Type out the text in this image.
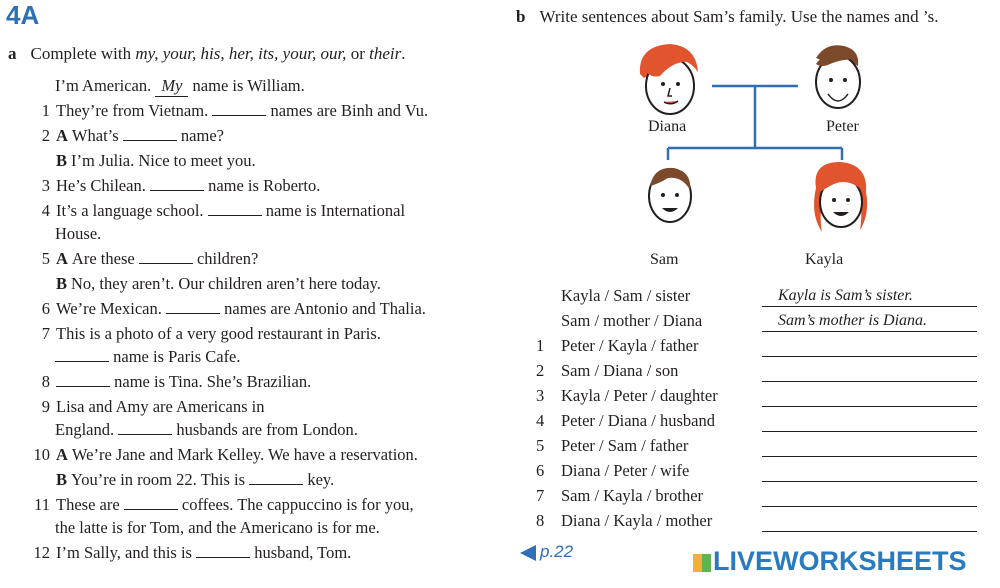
4A
a Complete with my, your, his, her, its, your, our, or their.
I’m American. My name is William.
1 They’re from Vietnam.	names are Binh and Vu.
2 A What’s	name?
B I’m Julia. Nice to meet you.
3 He’s Chilean.	name is Roberto.
4 It’s a language school.	name is International
House.
5 A Are these	children?
B No, they aren’t. Our children aren’t here today.
6 We’re Mexican.	names are Antonio and Thalia.
7 This is a photo of a very good restaurant in Paris.
name is Paris Cafe.
8	name is Tina. She’s Brazilian.
9 Lisa and Amy are Americans in
England.	husbands are from London.
10 A We’re Jane and Mark Kelley. We have a reservation.
B You’re in room 22. This is	key.
11 These are	coffees. The cappuccino is for you,
the latte is for Tom, and the Americano is for me.
12 I’m Sally, and this is	husband, Tom.
b Write sentences about Sam’s family. Use the names and ’s.
Diana	Peter
Sam	Kayla
Kayla / Sam / sister	Kayla is Sam’s sister.
Sam / mother / Diana	Sam’s mother is Diana.
1 Peter / Kayla / father
2 Sam / Diana / son
3 Kayla / Peter / daughter
4 Peter / Diana / husband
5 Peter / Sam / father
6 Diana / Peter / wife
7 Sam / Kayla / brother
8 Diana / Kayla / mother
p.22	LIVEWORKSHEETS
